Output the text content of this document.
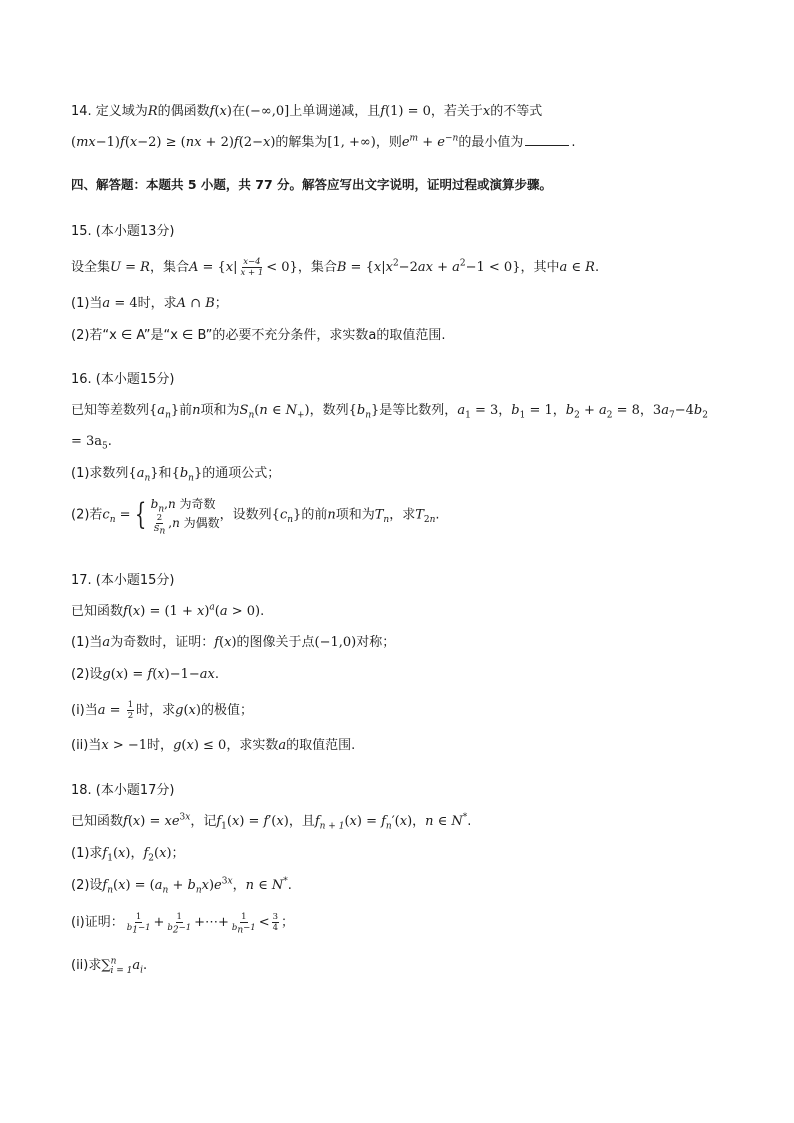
14. 定义域为R的偶函数f(x)在(−∞,0]上单调递减，且f(1) = 0，若关于x的不等式
(mx−1)f(x−2) ≥ (nx + 2)f(2−x)的解集为[1, +∞)，则$e^m + e^{-n}$的最小值为	.
四、解答题：本题共 5 小题，共 77 分。解答应写出文字说明，证明过程或演算步骤。
15. (本小题13分)
设全集U = R，集合$A = \{x| \frac{x-4}{x + 1} < 0\}$，集合$B = \{x|x^2-2ax + a^2-1 < 0\}$，其中a ∈ R.
(1)当a = 4时，求A ∩ B；
(2)若“x ∈ A”是“x ∈ B”的必要不充分条件，求实数a的取值范围.
16. (本小题15分)
已知等差数列$\{a_n\}$前n项和为$S_n(n$ ∈ $N_+$)，数列$\{b_n\}$是等比数列，$a_1 = 3$，$b_1 = 1$，$b_2 + a_2 = 8$，$3a_7-4b_2$
= $3a_5$.
(1)求数列$\{a_n\}$和$\{b_n\}$的通项公式；
(2)若$c_n$ = { $b_n,n$ 为奇数
$\frac{2}{S_n} ,n$ 为偶数
，设数列$\{c_n\}$的前n项和为$T_n$，求$T_{2n}$.
17. (本小题15分)
已知函数$f(x) = (1 + x)^a(a > 0)$.
(1)当a为奇数时，证明：f(x)的图像关于点(−1,0)对称；
(2)设g(x) = f(x)−1−ax.
(i)当$a = \frac{1}{2}$ 时，求g(x)的极值；
(ii)当x > −1时，g(x) ≤ 0，求实数a的取值范围.
18. (本小题17分)
已知函数$f(x) = xe^{3x}$，记$f_1(x) = f'(x)$，且$f_{n + 1}(x) = f_n'(x)$，n ∈ N*.
(1)求$f_1(x)$，$f_2(x)$；
(2)设$f_n(x) = (a_n + b_nx)e^{3x}$，n ∈ N*.
(i)证明： $\frac{1}{b_1-1} + \frac{1}{b_2-1}$ +⋯+ $\frac{1}{b_n-1} < \frac{3}{4}$ ；
(ii)求$\sum^n_{i = 1}a_i$.
